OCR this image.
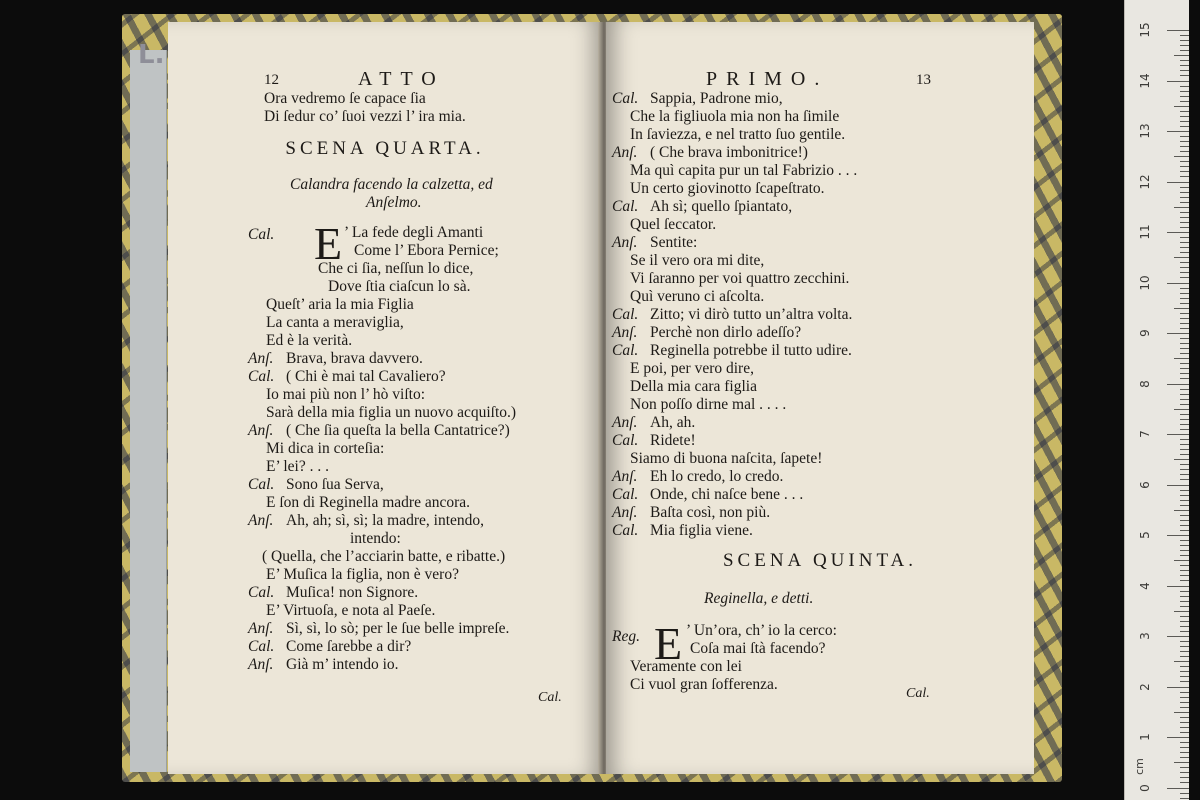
L.
12	ATTO
Ora vedremo ſe capace ſia
Di ſedur co’ ſuoi vezzi l’ ira mia.
SCENA QUARTA.
Calandra facendo la calzetta, ed
Anſelmo.
Cal. E ’ La fede degli Amanti
Come l’ Ebora Pernice;
Che ci ſia, neſſun lo dice,
Dove ſtia ciaſcun lo sà.
Queſt’ aria la mia Figlia
La canta a meraviglia,
Ed è la verità.
Anſ. Brava, brava davvero.
Cal. ( Chi è mai tal Cavaliero?
Io mai più non l’ hò viſto:
Sarà della mia figlia un nuovo acquiſto.)
Anſ. ( Che ſia queſta la bella Cantatrice?)
Mi dica in corteſia:
E’ lei? . . .
Cal. Sono ſua Serva,
E ſon di Reginella madre ancora.
Anſ. Ah, ah; sì, sì; la madre, intendo,
intendo:
( Quella, che l’acciarin batte, e ribatte.)
E’ Muſica la figlia, non è vero?
Cal. Muſica! non Signore.
E’ Virtuoſa, e nota al Paeſe.
Anſ. Sì, sì, lo sò; per le ſue belle impreſe.
Cal. Come ſarebbe a dir?
Anſ. Già m’ intendo io.
Cal.
PRIMO.	13
Cal. Sappia, Padrone mio,
Che la figliuola mia non ha ſimile
In ſaviezza, e nel tratto ſuo gentile.
Anſ. ( Che brava imbonitrice!)
Ma quì capita pur un tal Fabrizio . . .
Un certo giovinotto ſcapeſtrato.
Cal. Ah sì; quello ſpiantato,
Quel ſeccator.
Anſ. Sentite:
Se il vero ora mi dite,
Vi ſaranno per voi quattro zecchini.
Quì veruno ci aſcolta.
Cal. Zitto; vi dirò tutto un’altra volta.
Anſ. Perchè non dirlo adeſſo?
Cal. Reginella potrebbe il tutto udire.
E poi, per vero dire,
Della mia cara figlia
Non poſſo dirne mal . . . .
Anſ. Ah, ah.
Cal. Ridete!
Siamo di buona naſcita, ſapete!
Anſ. Eh lo credo, lo credo.
Cal. Onde, chi naſce bene . . .
Anſ. Baſta così, non più.
Cal. Mia figlia viene.
SCENA QUINTA.
Reginella, e detti.
Reg. E ’ Un’ora, ch’ io la cerco:
Coſa mai ſtà facendo?
Veramente con lei
Ci vuol gran ſofferenza.
Cal.
cm
15
14
13
12
11
10
9
8
7
6
5
4
3
2
1
0
